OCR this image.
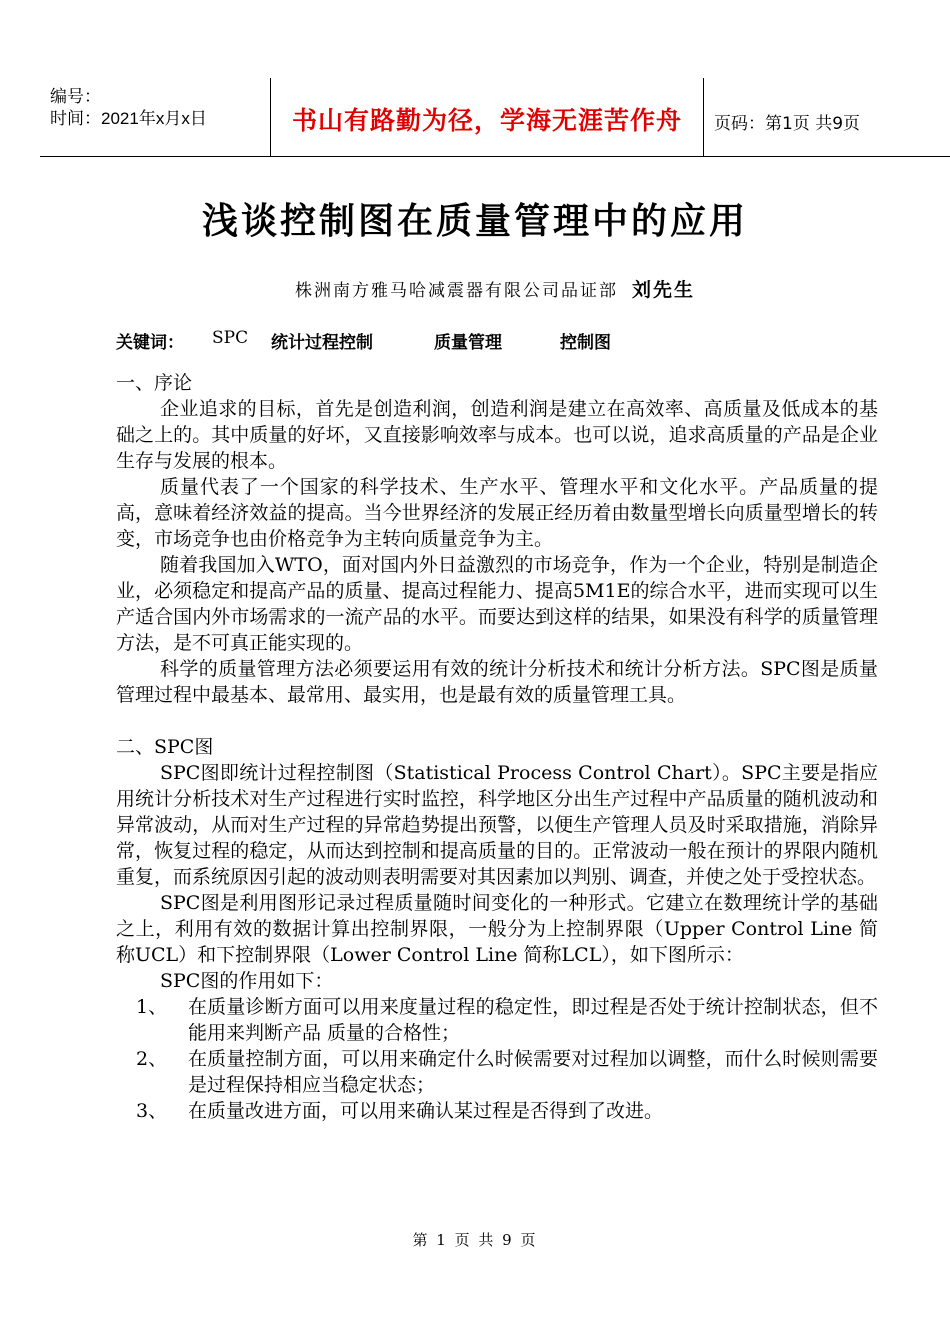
编号：
时间：2021年x月x日	书山有路勤为径，学海无涯苦作舟	页码：第1页 共9页
浅谈控制图在质量管理中的应用
株洲南方雅马哈减震器有限公司品证部 刘先生
关键词： SPC 统计过程控制	质量管理	控制图

一、序论

企业追求的目标，首先是创造利润，创造利润是建立在高效率、高质量及低成本的基础之上的。其中质量的好坏，又直接影响效率与成本。也可以说，追求高质量的产品是企业生存与发展的根本。

质量代表了一个国家的科学技术、生产水平、管理水平和文化水平。产品质量的提高，意味着经济效益的提高。当今世界经济的发展正经历着由数量型增长向质量型增长的转变，市场竞争也由价格竞争为主转向质量竞争为主。

随着我国加入WTO，面对国内外日益激烈的市场竞争，作为一个企业，特别是制造企业，必须稳定和提高产品的质量、提高过程能力、提高5M1E的综合水平，进而实现可以生产适合国内外市场需求的一流产品的水平。而要达到这样的结果，如果没有科学的质量管理方法，是不可真正能实现的。

科学的质量管理方法必须要运用有效的统计分析技术和统计分析方法。SPC图是质量管理过程中最基本、最常用、最实用，也是最有效的质量管理工具。

二、SPC图

SPC图即统计过程控制图（Statistical Process Control Chart）。SPC主要是指应用统计分析技术对生产过程进行实时监控，科学地区分出生产过程中产品质量的随机波动和异常波动，从而对生产过程的异常趋势提出预警，以便生产管理人员及时采取措施，消除异常，恢复过程的稳定，从而达到控制和提高质量的目的。正常波动一般在预计的界限内随机重复，而系统原因引起的波动则表明需要对其因素加以判别、调查，并使之处于受控状态。

SPC图是利用图形记录过程质量随时间变化的一种形式。它建立在数理统计学的基础之上，利用有效的数据计算出控制界限，一般分为上控制界限（Upper Control Line 简称UCL）和下控制界限（Lower Control Line 简称LCL），如下图所示：

SPC图的作用如下：

1、 在质量诊断方面可以用来度量过程的稳定性，即过程是否处于统计控制状态，但不能用来判断产品 质量的合格性；
2、 在质量控制方面，可以用来确定什么时候需要对过程加以调整，而什么时候则需要是过程保持相应当稳定状态；
3、 在质量改进方面，可以用来确认某过程是否得到了改进。
第 1 页 共 9 页
